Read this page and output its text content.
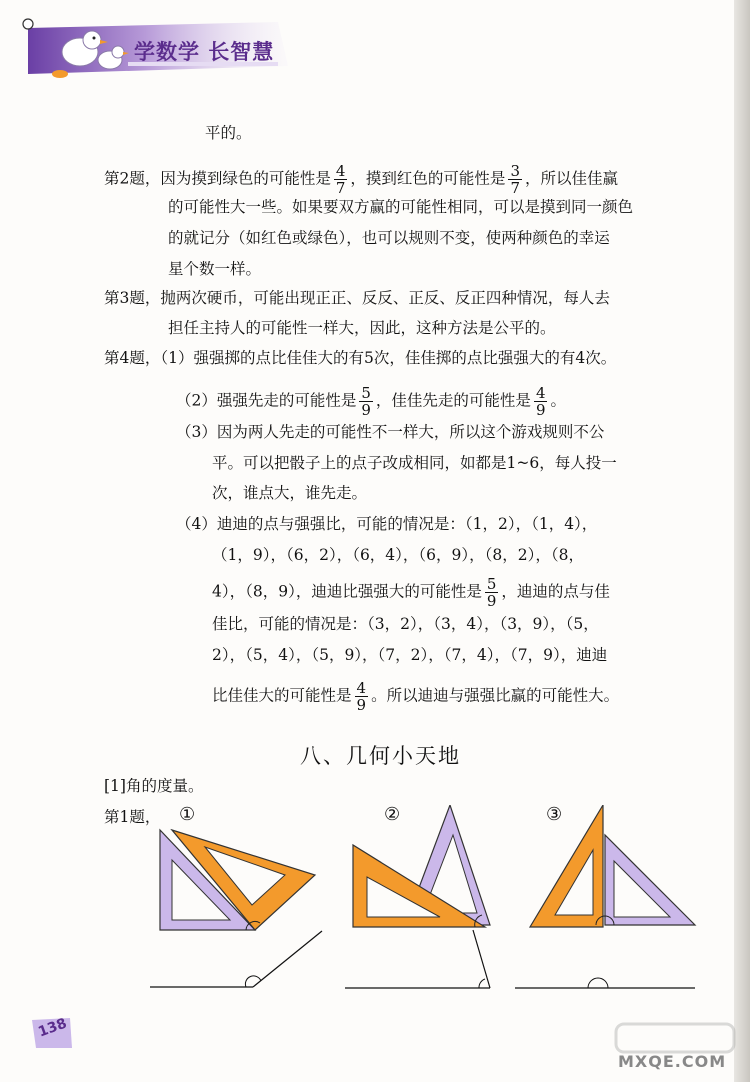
学数学 长智慧
平的。
第2题，因为摸到绿色的可能性是 $\frac{4}{7}$ ，摸到红色的可能性是 $\frac{3}{7}$ ，所以佳佳赢
的可能性大一些。如果要双方赢的可能性相同，可以是摸到同一颜色
的就记分（如红色或绿色），也可以规则不变，使两种颜色的幸运
星个数一样。
第3题，抛两次硬币，可能出现正正、反反、正反、反正四种情况，每人去
担任主持人的可能性一样大，因此，这种方法是公平的。
第4题，（1）强强掷的点比佳佳大的有5次，佳佳掷的点比强强大的有4次。
（2）强强先走的可能性是 $\frac{5}{9}$ ，佳佳先走的可能性是 $\frac{4}{9}$ 。
（3）因为两人先走的可能性不一样大，所以这个游戏规则不公
平。可以把骰子上的点子改成相同，如都是1~6，每人投一
次，谁点大，谁先走。
（4）迪迪的点与强强比，可能的情况是：（1，2），（1，4），
（1，9），（6，2），（6，4），（6，9），（8，2），（8，
4），（8，9），迪迪比强强大的可能性是 $\frac{5}{9}$ ，迪迪的点与佳
佳比，可能的情况是：（3，2），（3，4），（3，9），（5，
2），（5，4），（5，9），（7，2），（7，4），（7，9），迪迪
比佳佳大的可能性是 $\frac{4}{9}$ 。所以迪迪与强强比赢的可能性大。
八、几何小天地
[1]角的度量。
第1题， ①	②	③
138
MXQE.COM
